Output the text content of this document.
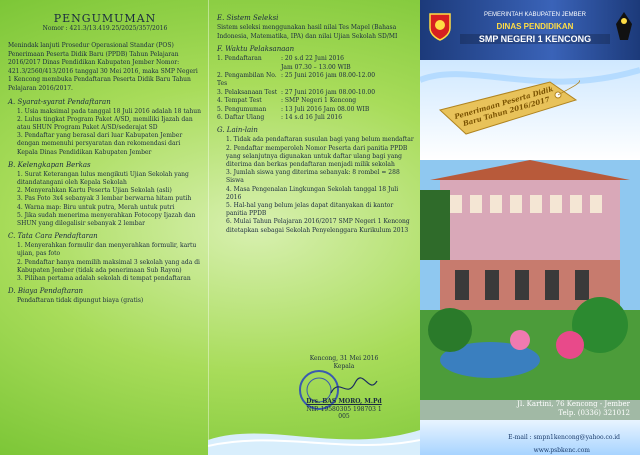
PENGUMUMAN
Nomor : 421.3/13.419.25/2025/357/2016
Menindak lanjuti Prosedur Operasional Standar (POS) Penerimaan Peserta Didik Baru (PPDB) Tahun Pelajaran 2016/2017 Dinas Pendidikan Kabupaten Jember Nomor: 421.3/2560/413/2016 tanggal 30 Mei 2016, maka SMP Negeri 1 Kencong membuka Pendaftaran Peserta Didik Baru Tahun Pelajaran 2016/2017.
A. Syarat-syarat Pendaftaran
1. Usia maksimal pada tanggal 18 Juli 2016 adalah 18 tahun
2. Lulus tingkat Program Paket A/SD, memiliki Ijazah dan atau SHUN Program Paket A/SD/sederajat SD
3. Pendaftar yang berasal dari luar Kabupaten Jember dengan memenuhi persyaratan dan rekomendasi dari Kepala Dinas Pendidikan Kabupaten Jember
B. Kelengkapan Berkas
1. Surat Keterangan lulus mengikuti Ujian Sekolah yang ditandatangani oleh Kepala Sekolah
2. Menyerahkan Kartu Peserta Ujian Sekolah (asli)
3. Pas Foto 3x4 sebanyak 3 lembar berwarna hitam putih
4. Warna map: Biru untuk putra, Merah untuk putri
5. Jika sudah menerima menyerahkan Fotocopy Ijazah dan SHUN yang dilegalisir sebanyak 2 lembar
C. Tata Cara Pendaftaran
1. Menyerahkan formulir dan menyerahkan formulir, kartu ujian, pas foto
2. Pendaftar hanya memilih maksimal 3 sekolah yang ada di Kabupaten Jember (tidak ada penerimaan Sub Rayon)
3. Pilihan pertama adalah sekolah di tempat pendaftaran
D. Biaya Pendaftaran
Pendaftaran tidak dipungut biaya (gratis)
E. Sistem Seleksi
Sistem seleksi menggunakan hasil nilai Tes Mapel (Bahasa Indonesia, Matematika, IPA) dan nilai Ujian Sekolah SD/MI
F. Waktu Pelaksanaan
1. Pendaftaran	: 20 s.d 22 Juni 2016
Jam 07.30 – 13.00 WIB
2. Pengambilan No. Tes
: 25 Juni 2016 jam 08.00-12.00
3. Pelaksanaan Test : 27 Juni 2016 jam 08.00-10.00
4. Tempat Test	: SMP Negeri 1 Kencong
5. Pengumuman	: 13 Juli 2016 Jam 08.00 WIB
6. Daftar Ulang	: 14 s.d 16 Juli 2016
G. Lain-lain
1. Tidak ada pendaftaran susulan bagi yang belum mendaftar
2. Pendaftar memperoleh Nomor Peserta dari panitia PPDB yang selanjutnya digunakan untuk daftar ulang bagi yang diterima dan berkas pendaftaran menjadi milik sekolah
3. Jumlah siswa yang diterima sebanyak: 8 rombel = 288 Siswa
4. Masa Pengenalan Lingkungan Sekolah tanggal 18 Juli 2016
5. Hal-hal yang belum jelas dapat ditanyakan di kantor panitia PPDB
6. Mulai Tahun Pelajaran 2016/2017 SMP Negeri 1 Kencong ditetapkan sebagai Sekolah Penyelenggara Kurikulum 2013
Kencong, 31 Mei 2016
Kepala
Drs. BAS MORO, M.Pd
NIP. 19580305 198703 1 005
PEMERINTAH KABUPATEN JEMBER
DINAS PENDIDIKAN
SMP NEGERI 1 KENCONG
Penerimaan Peserta Didik Baru Tahun 2016/2017
Jl. Kartini, 76 Kencong - Jember
Telp. (0336) 321012
E-mail : smpn1kencong@yahoo.co.id
www.psbkenc.com
